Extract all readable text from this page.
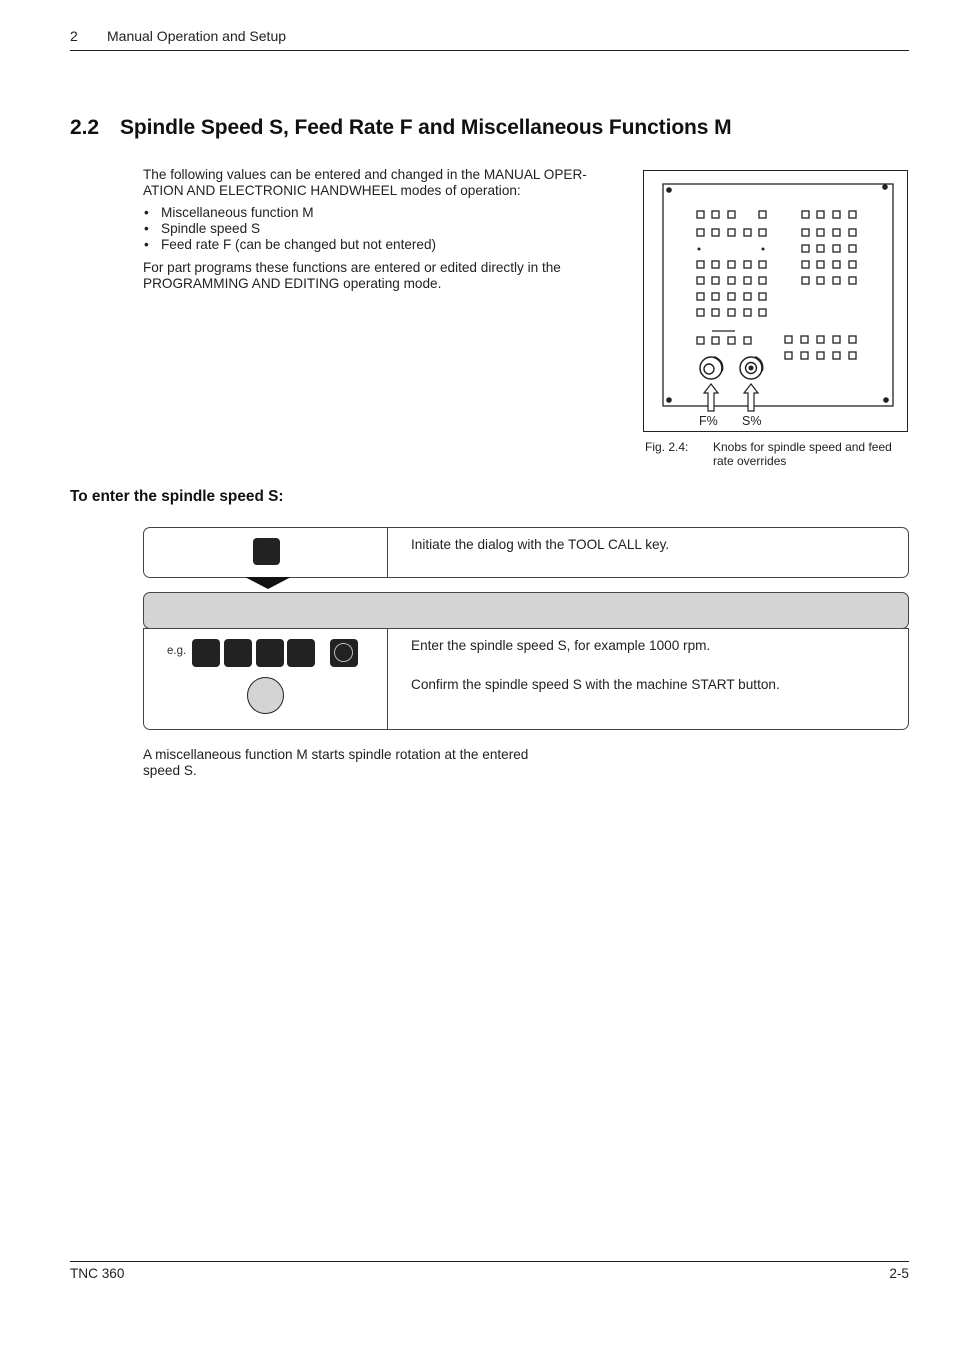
2 Manual Operation and Setup
2.2 Spindle Speed S, Feed Rate F and Miscellaneous Functions M
The following values can be entered and changed in the MANUAL OPER-
ATION AND ELECTRONIC HANDWHEEL modes of operation:
• Miscellaneous function M
• Spindle speed S
• Feed rate F (can be changed but not entered)
For part programs these functions are entered or edited directly in the
PROGRAMMING AND EDITING operating mode.
F% S%
Fig. 2.4: Knobs for spindle speed and feed
rate overrides
To enter the spindle speed S:
Initiate the dialog with the TOOL CALL key.
e.g.	Enter the spindle speed S, for example 1000 rpm.
Confirm the spindle speed S with the machine START button.
A miscellaneous function M starts spindle rotation at the entered
speed S.
TNC 360	2-5
